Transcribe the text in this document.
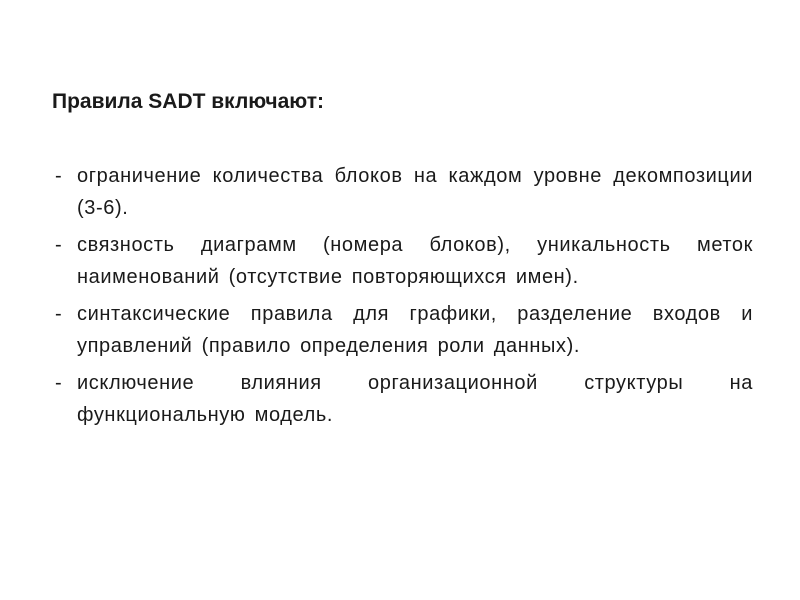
Правила SADT включают:
- ограничение количества блоков на каждом уровне декомпозиции (3-6).
- связность диаграмм (номера блоков), уникальность меток наименований (отсутствие повторяющихся имен).
- синтаксические правила для графики, разделение входов и управлений (правило определения роли данных).
- исключение влияния организационной структуры на функциональную модель.
